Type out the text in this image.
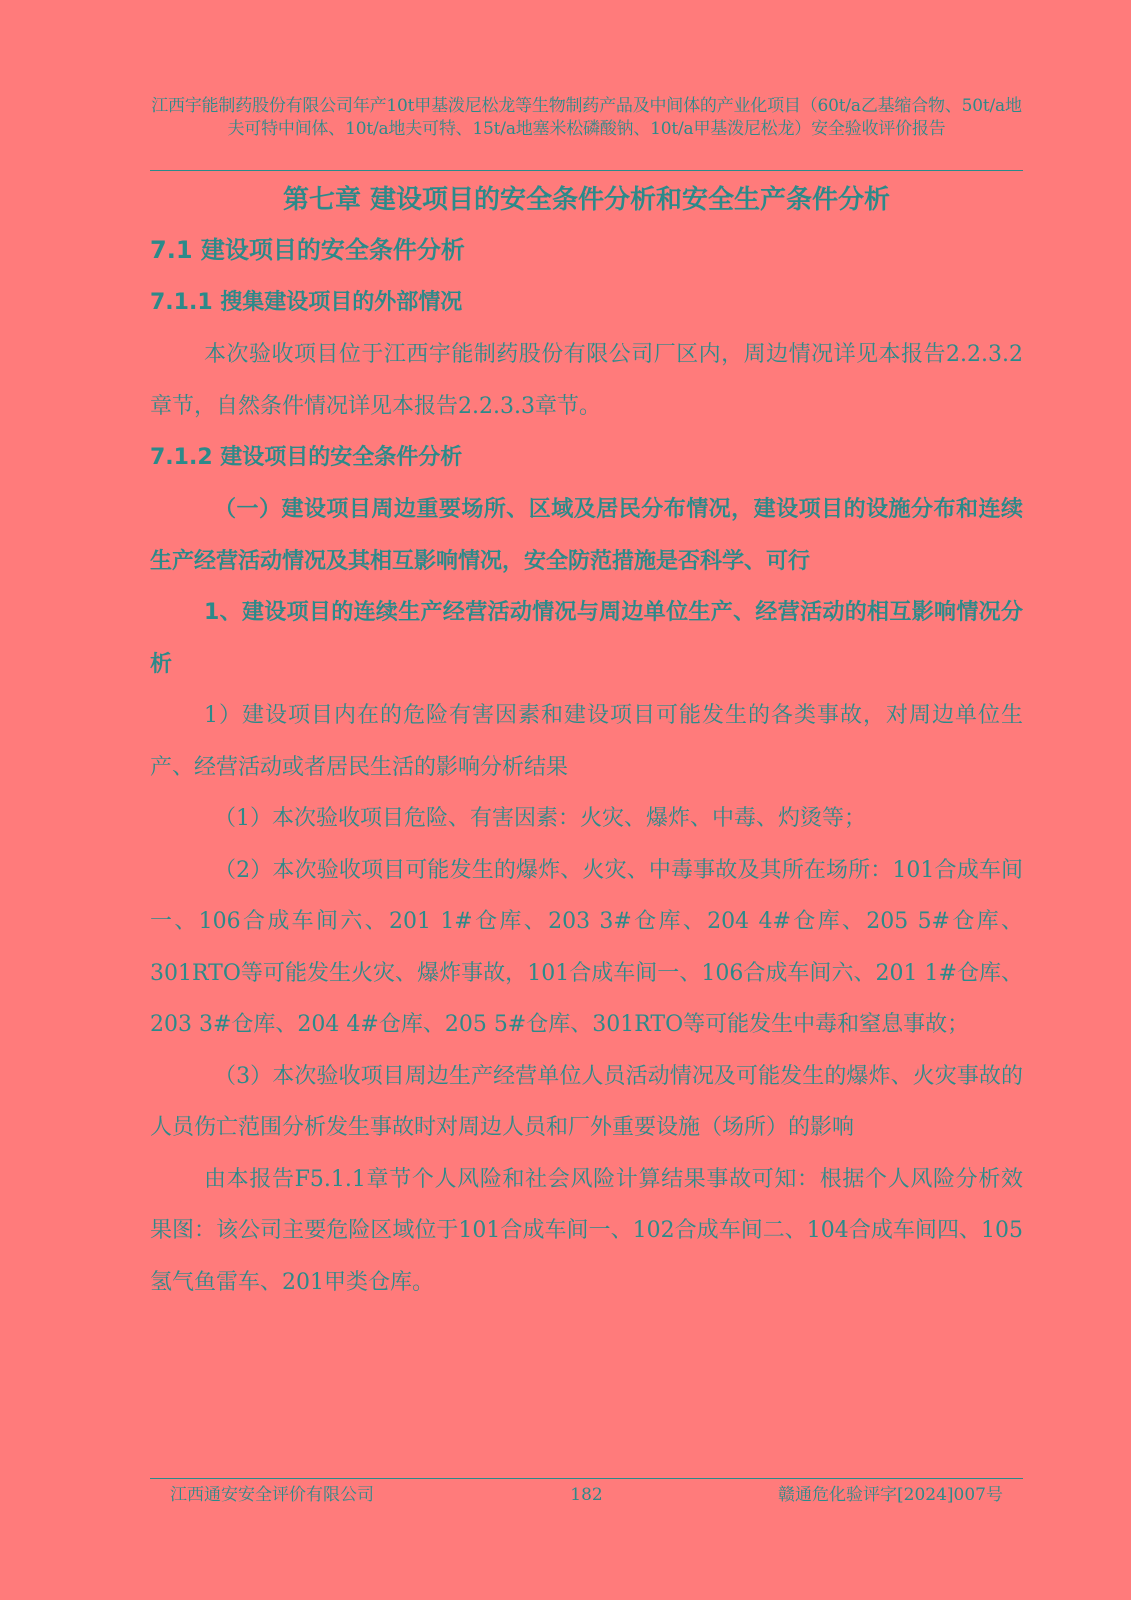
江西宇能制药股份有限公司年产10t甲基泼尼松龙等生物制药产品及中间体的产业化项目（60t/a乙基缩合物、50t/a地夫可特中间体、10t/a地夫可特、15t/a地塞米松磷酸钠、10t/a甲基泼尼松龙）安全验收评价报告
第七章 建设项目的安全条件分析和安全生产条件分析
7.1 建设项目的安全条件分析
7.1.1 搜集建设项目的外部情况

本次验收项目位于江西宇能制药股份有限公司厂区内，周边情况详见本报告2.2.3.2章节，自然条件情况详见本报告2.2.3.3章节。

7.1.2 建设项目的安全条件分析

（一）建设项目周边重要场所、区域及居民分布情况，建设项目的设施分布和连续生产经营活动情况及其相互影响情况，安全防范措施是否科学、可行

1、建设项目的连续生产经营活动情况与周边单位生产、经营活动的相互影响情况分析

1）建设项目内在的危险有害因素和建设项目可能发生的各类事故，对周边单位生产、经营活动或者居民生活的影响分析结果

（1）本次验收项目危险、有害因素：火灾、爆炸、中毒、灼烫等；

（2）本次验收项目可能发生的爆炸、火灾、中毒事故及其所在场所：101合成车间一、106合成车间六、201 1#仓库、203 3#仓库、204 4#仓库、205 5#仓库、301RTO等可能发生火灾、爆炸事故，101合成车间一、106合成车间六、201 1#仓库、203 3#仓库、204 4#仓库、205 5#仓库、301RTO等可能发生中毒和窒息事故；

（3）本次验收项目周边生产经营单位人员活动情况及可能发生的爆炸、火灾事故的人员伤亡范围分析发生事故时对周边人员和厂外重要设施（场所）的影响

由本报告F5.1.1章节个人风险和社会风险计算结果事故可知：根据个人风险分析效果图：该公司主要危险区域位于101合成车间一、102合成车间二、104合成车间四、105氢气鱼雷车、201甲类仓库。

江西通安安全评价有限公司	182	赣通危化验评字[2024]007号
